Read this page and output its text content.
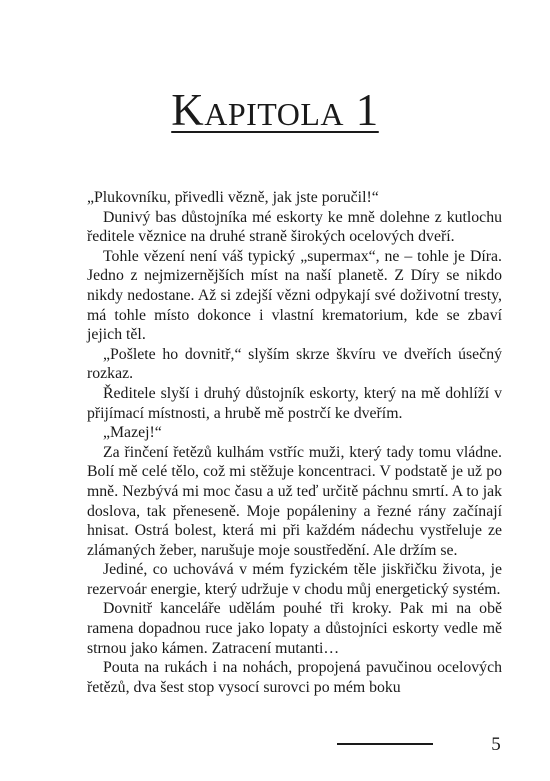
Kapitola 1

„Plukovníku, přivedli vězně, jak jste poručil!“

Dunivý bas důstojníka mé eskorty ke mně dolehne z kutlochu ředitele věznice na druhé straně širokých ocelových dveří.

Tohle vězení není váš typický „supermax“, ne – tohle je Díra. Jedno z nejmizernějších míst na naší planetě. Z Díry se nikdo nikdy nedostane. Až si zdejší vězni odpykají své doživotní tresty, má tohle místo dokonce i vlastní krematorium, kde se zbaví jejich těl.

„Pošlete ho dovnitř,“ slyším skrze škvíru ve dveřích úsečný rozkaz.

Ředitele slyší i druhý důstojník eskorty, který na mě dohlíží v přijímací místnosti, a hrubě mě postrčí ke dveřím.

„Mazej!“

Za řinčení řetězů kulhám vstříc muži, který tady tomu vládne. Bolí mě celé tělo, což mi stěžuje koncentraci. V podstatě je už po mně. Nezbývá mi moc času a už teď určitě páchnu smrtí. A to jak doslova, tak přeneseně. Moje popáleniny a řezné rány začínají hnisat. Ostrá bolest, která mi při každém nádechu vystřeluje ze zlámaných žeber, narušuje moje soustředění. Ale držím se.

Jediné, co uchovává v mém fyzickém těle jiskřičku života, je rezervoár energie, který udržuje v chodu můj energetický systém.

Dovnitř kanceláře udělám pouhé tři kroky. Pak mi na obě ramena dopadnou ruce jako lopaty a důstojníci eskorty vedle mě strnou jako kámen. Zatracení mutanti…

Pouta na rukách i na nohách, propojená pavučinou ocelových řetězů, dva šest stop vysocí surovci po mém boku

5
